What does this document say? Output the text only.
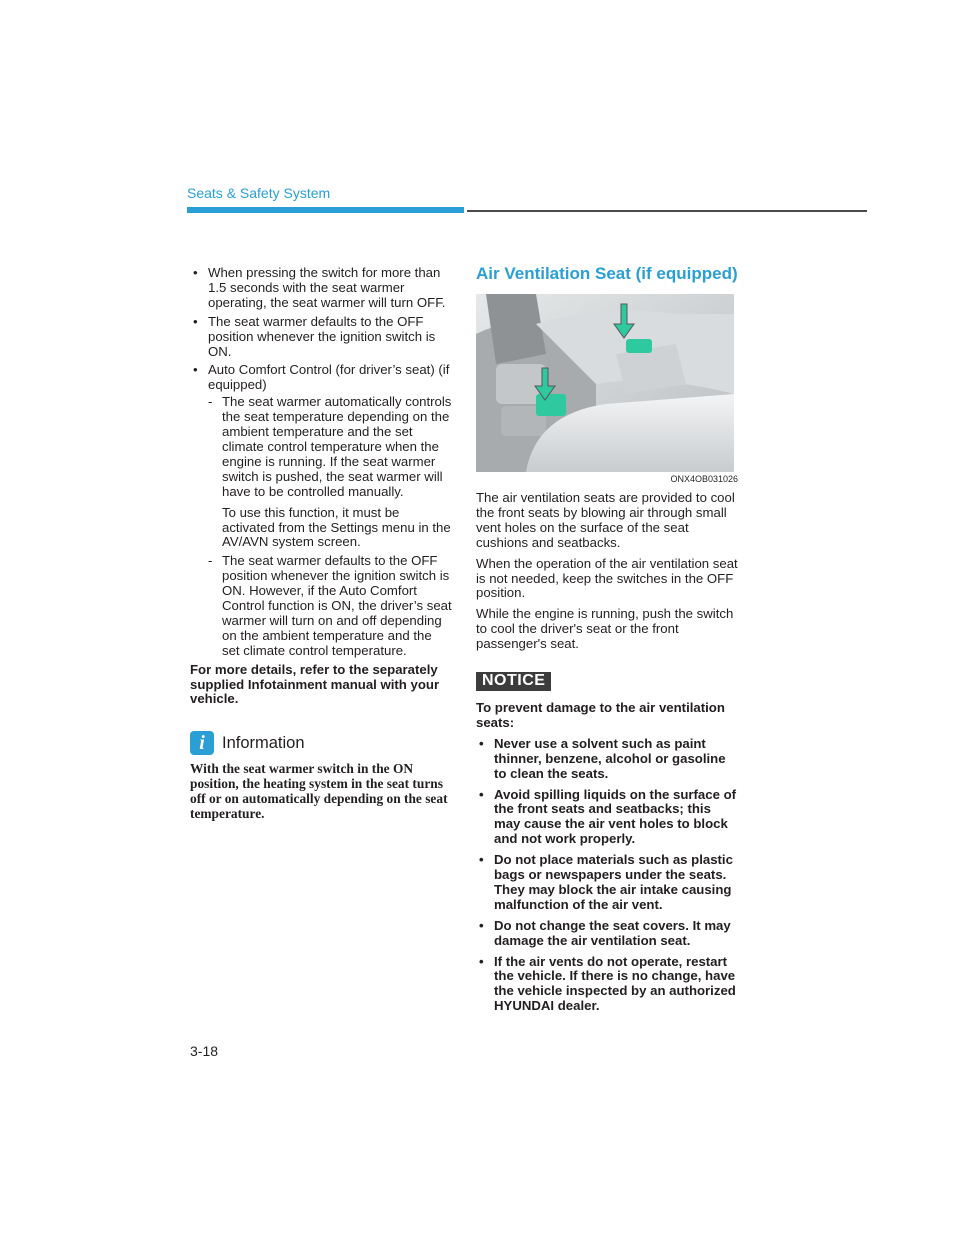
Seats & Safety System
• When pressing the switch for more than 1.5 seconds with the seat warmer operating, the seat warmer will turn OFF.
• The seat warmer defaults to the OFF position whenever the ignition switch is ON.
• Auto Comfort Control (for driver’s seat) (if equipped)
- The seat warmer automatically controls the seat temperature depending on the ambient temperature and the set climate control temperature when the engine is running. If the seat warmer switch is pushed, the seat warmer will have to be controlled manually.

To use this function, it must be activated from the Settings menu in the AV/AVN system screen.

- The seat warmer defaults to the OFF position whenever the ignition switch is ON. However, if the Auto Comfort Control function is ON, the driver’s seat warmer will turn on and off depending on the ambient temperature and the set climate control temperature.

For more details, refer to the separately supplied Infotainment manual with your vehicle.

i	Information
With the seat warmer switch in the ON position, the heating system in the seat turns off or on automatically depending on the seat temperature.
Air Ventilation Seat (if equipped)
ONX4OB031026

The air ventilation seats are provided to cool the front seats by blowing air through small vent holes on the surface of the seat cushions and seatbacks.

When the operation of the air ventilation seat is not needed, keep the switches in the OFF position.

While the engine is running, push the switch to cool the driver's seat or the front passenger's seat.

NOTICE

To prevent damage to the air ventilation seats:

• Never use a solvent such as paint thinner, benzene, alcohol or gasoline to clean the seats.
• Avoid spilling liquids on the surface of the front seats and seatbacks; this may cause the air vent holes to block and not work properly.
• Do not place materials such as plastic bags or newspapers under the seats. They may block the air intake causing malfunction of the air vent.
• Do not change the seat covers. It may damage the air ventilation seat.
• If the air vents do not operate, restart the vehicle. If there is no change, have the vehicle inspected by an authorized HYUNDAI dealer.
3-18
